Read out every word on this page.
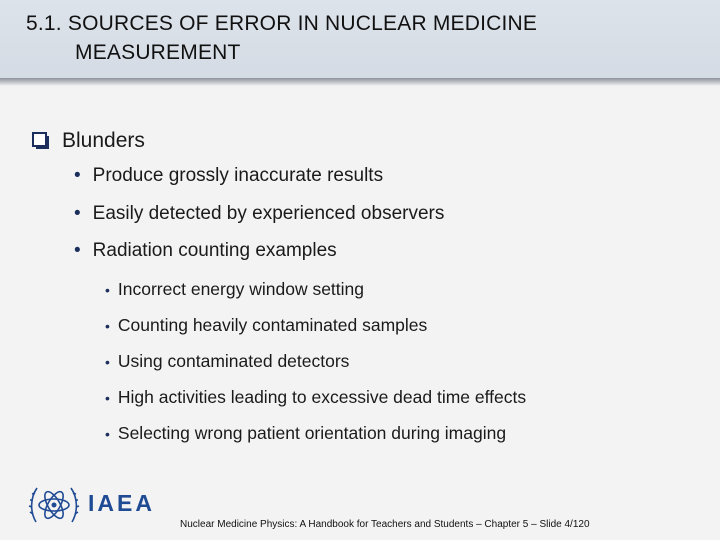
5.1. SOURCES OF ERROR IN NUCLEAR MEDICINE
MEASUREMENT
Blunders
• Produce grossly inaccurate results
• Easily detected by experienced observers
• Radiation counting examples
• Incorrect energy window setting
• Counting heavily contaminated samples
• Using contaminated detectors
• High activities leading to excessive dead time effects
• Selecting wrong patient orientation during imaging
IAEA
Nuclear Medicine Physics: A Handbook for Teachers and Students – Chapter 5 – Slide 4/120
